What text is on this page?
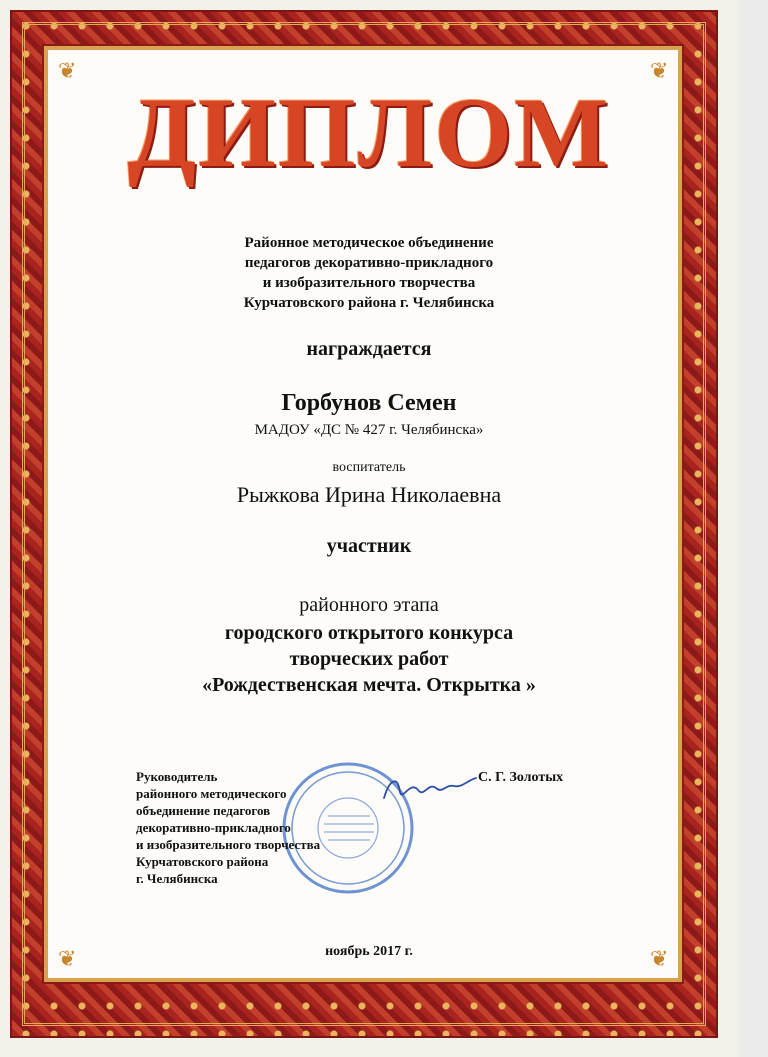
❦	❦
❦	❦
ДИПЛОМ
Районное методическое объединение
педагогов декоративно-прикладного
и изобразительного творчества
Курчатовского района г. Челябинска
награждается
Горбунов Семен
МАДОУ «ДС № 427 г. Челябинска»
воспитатель
Рыжкова Ирина Николаевна
участник
районного этапа
городского открытого конкурса
творческих работ
«Рождественская мечта. Открытка »
Руководитель
районного методического
объединение педагогов
декоративно-прикладного
и изобразительного творчества
Курчатовского района
г. Челябинска
С. Г. Золотых
ноябрь 2017 г.
